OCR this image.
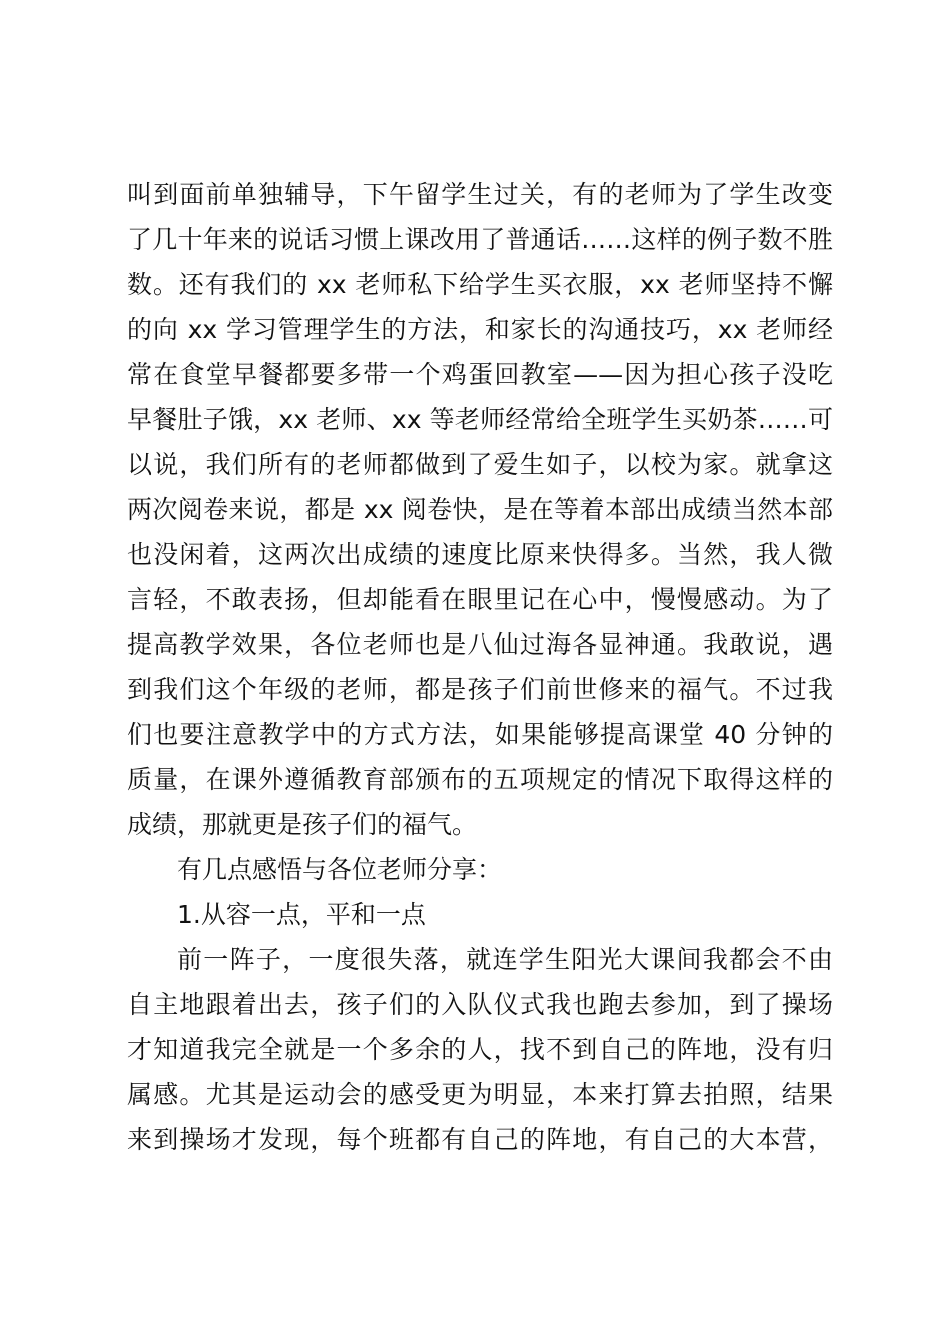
叫到面前单独辅导，下午留学生过关，有的老师为了学生改变
了几十年来的说话习惯上课改用了普通话……这样的例子数不胜
数。还有我们的 xx 老师私下给学生买衣服，xx 老师坚持不懈
的向 xx 学习管理学生的方法，和家长的沟通技巧，xx 老师经
常在食堂早餐都要多带一个鸡蛋回教室——因为担心孩子没吃
早餐肚子饿，xx 老师、xx 等老师经常给全班学生买奶茶……可
以说，我们所有的老师都做到了爱生如子，以校为家。就拿这
两次阅卷来说，都是 xx 阅卷快，是在等着本部出成绩当然本部
也没闲着，这两次出成绩的速度比原来快得多。当然，我人微
言轻，不敢表扬，但却能看在眼里记在心中，慢慢感动。为了
提高教学效果，各位老师也是八仙过海各显神通。我敢说，遇
到我们这个年级的老师，都是孩子们前世修来的福气。不过我
们也要注意教学中的方式方法，如果能够提高课堂 40 分钟的
质量，在课外遵循教育部颁布的五项规定的情况下取得这样的
成绩，那就更是孩子们的福气。
有几点感悟与各位老师分享：
1.从容一点，平和一点
前一阵子，一度很失落，就连学生阳光大课间我都会不由
自主地跟着出去，孩子们的入队仪式我也跑去参加，到了操场
才知道我完全就是一个多余的人，找不到自己的阵地，没有归
属感。尤其是运动会的感受更为明显，本来打算去拍照，结果
来到操场才发现，每个班都有自己的阵地，有自己的大本营，
